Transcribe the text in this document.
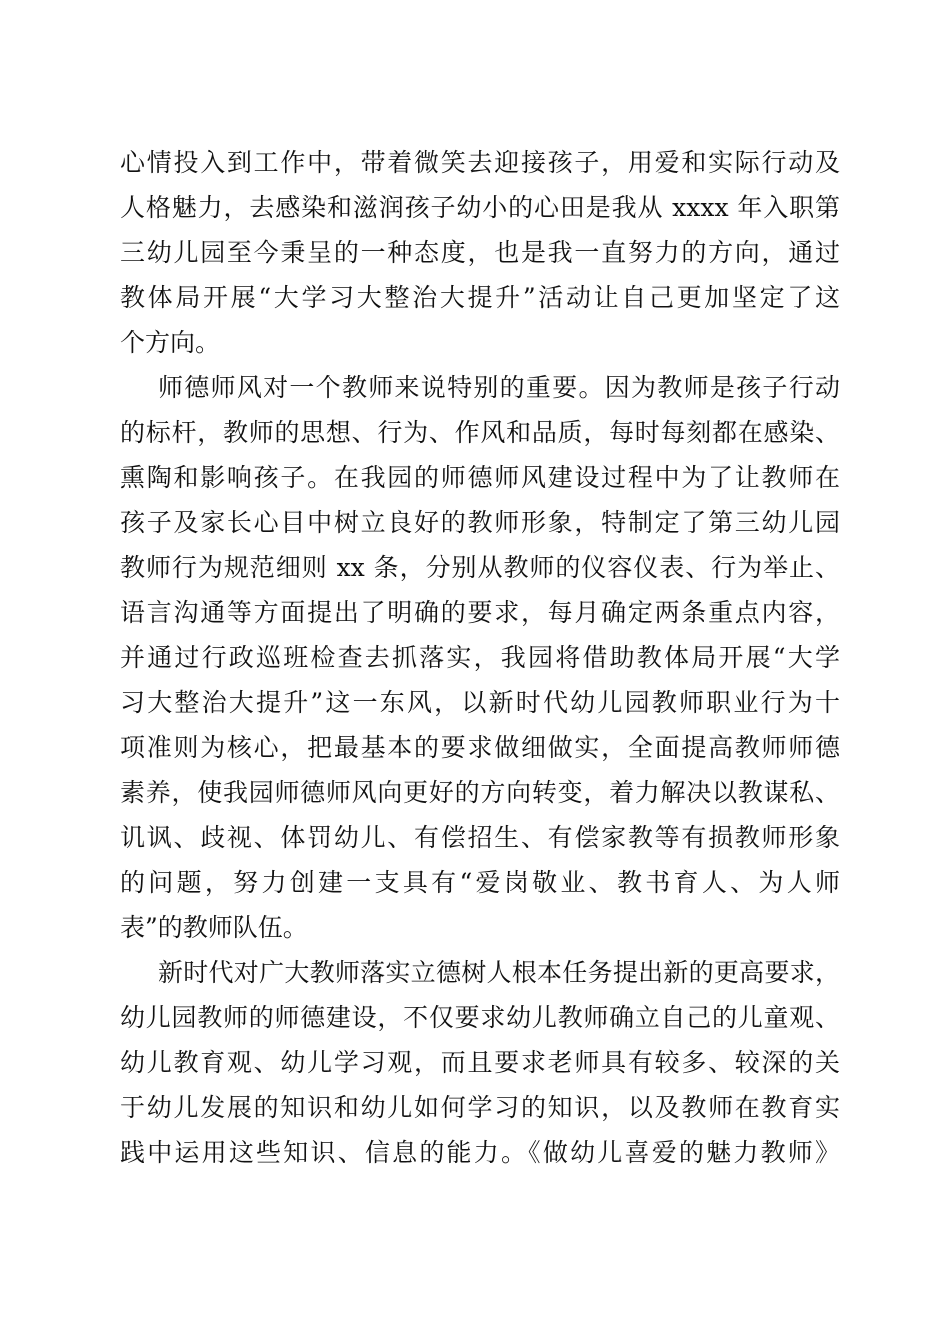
心情投入到工作中，带着微笑去迎接孩子，用爱和实际行动及
人格魅力，去感染和滋润孩子幼小的心田是我从 xxxx 年入职第
三幼儿园至今秉呈的一种态度，也是我一直努力的方向，通过
教体局开展“大学习大整治大提升”活动让自己更加坚定了这
个方向。
师德师风对一个教师来说特别的重要。因为教师是孩子行动
的标杆，教师的思想、行为、作风和品质，每时每刻都在感染、
熏陶和影响孩子。在我园的师德师风建设过程中为了让教师在
孩子及家长心目中树立良好的教师形象，特制定了第三幼儿园
教师行为规范细则 xx 条，分别从教师的仪容仪表、行为举止、
语言沟通等方面提出了明确的要求，每月确定两条重点内容，
并通过行政巡班检查去抓落实，我园将借助教体局开展“大学
习大整治大提升”这一东风，以新时代幼儿园教师职业行为十
项准则为核心，把最基本的要求做细做实，全面提高教师师德
素养，使我园师德师风向更好的方向转变，着力解决以教谋私、
讥讽、歧视、体罚幼儿、有偿招生、有偿家教等有损教师形象
的问题，努力创建一支具有“爱岗敬业、教书育人、为人师
表”的教师队伍。
新时代对广大教师落实立德树人根本任务提出新的更高要求，
幼儿园教师的师德建设，不仅要求幼儿教师确立自己的儿童观、
幼儿教育观、幼儿学习观，而且要求老师具有较多、较深的关
于幼儿发展的知识和幼儿如何学习的知识，以及教师在教育实
践中运用这些知识、信息的能力。《做幼儿喜爱的魅力教师》
